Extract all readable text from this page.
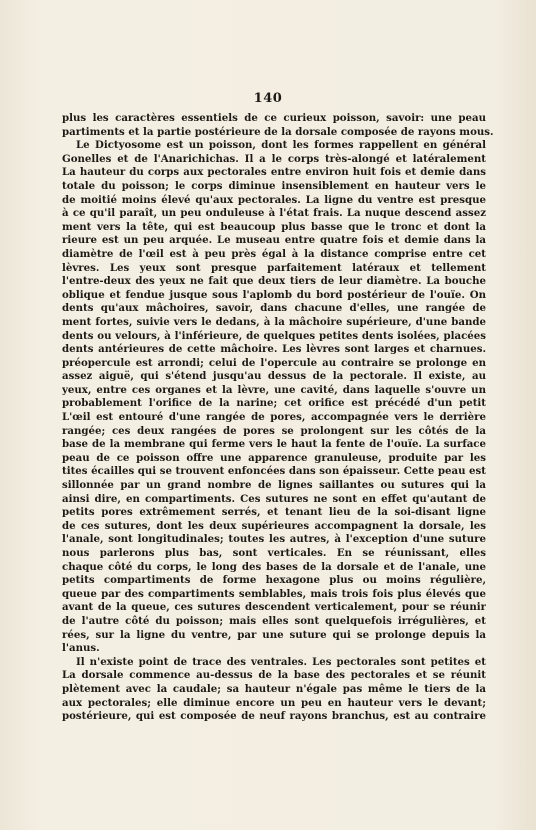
140

plus les caractères essentiels de ce curieux poisson, savoir: une peau
partiments et la partie postérieure de la dorsale composée de rayons mous.

Le Dictyosome est un poisson, dont les formes rappellent en général
Gonelles et de l'Anarichichas. Il a le corps très-alongé et latéralement
La hauteur du corps aux pectorales entre environ huit fois et demie dans
totale du poisson; le corps diminue insensiblement en hauteur vers le
de moitié moins élevé qu'aux pectorales. La ligne du ventre est presque
à ce qu'il paraît, un peu onduleuse à l'état frais. La nuque descend assez
ment vers la tête, qui est beaucoup plus basse que le tronc et dont la
rieure est un peu arquée. Le museau entre quatre fois et demie dans la
diamètre de l'œil est à peu près égal à la distance comprise entre cet
lèvres. Les yeux sont presque parfaitement latéraux et tellement
l'entre-deux des yeux ne fait que deux tiers de leur diamètre. La bouche
oblique et fendue jusque sous l'aplomb du bord postérieur de l'ouïe. On
dents qu'aux mâchoires, savoir, dans chacune d'elles, une rangée de
ment fortes, suivie vers le dedans, à la mâchoire supérieure, d'une bande
dents ou velours, à l'inférieure, de quelques petites dents isolées, placées
dents antérieures de cette mâchoire. Les lèvres sont larges et charnues.
préopercule est arrondi; celui de l'opercule au contraire se prolonge en
assez aiguë, qui s'étend jusqu'au dessus de la pectorale. Il existe, au
yeux, entre ces organes et la lèvre, une cavité, dans laquelle s'ouvre un
probablement l'orifice de la narine; cet orifice est précédé d'un petit
L'œil est entouré d'une rangée de pores, accompagnée vers le derrière
rangée; ces deux rangées de pores se prolongent sur les côtés de la
base de la membrane qui ferme vers le haut la fente de l'ouïe. La surface
peau de ce poisson offre une apparence granuleuse, produite par les
tites écailles qui se trouvent enfoncées dans son épaisseur. Cette peau est
sillonnée par un grand nombre de lignes saillantes ou sutures qui la
ainsi dire, en compartiments. Ces sutures ne sont en effet qu'autant de
petits pores extrêmement serrés, et tenant lieu de la soi-disant ligne
de ces sutures, dont les deux supérieures accompagnent la dorsale, les
l'anale, sont longitudinales; toutes les autres, à l'exception d'une suture
nous parlerons plus bas, sont verticales. En se réunissant, elles
chaque côté du corps, le long des bases de la dorsale et de l'anale, une
petits compartiments de forme hexagone plus ou moins régulière,
queue par des compartiments semblables, mais trois fois plus élevés que
avant de la queue, ces sutures descendent verticalement, pour se réunir
de l'autre côté du poisson; mais elles sont quelquefois irrégulières, et
rées, sur la ligne du ventre, par une suture qui se prolonge depuis la
l'anus.

Il n'existe point de trace des ventrales. Les pectorales sont petites et
La dorsale commence au-dessus de la base des pectorales et se réunit
plètement avec la caudale; sa hauteur n'égale pas même le tiers de la
aux pectorales; elle diminue encore un peu en hauteur vers le devant;
postérieure, qui est composée de neuf rayons branchus, est au contraire
